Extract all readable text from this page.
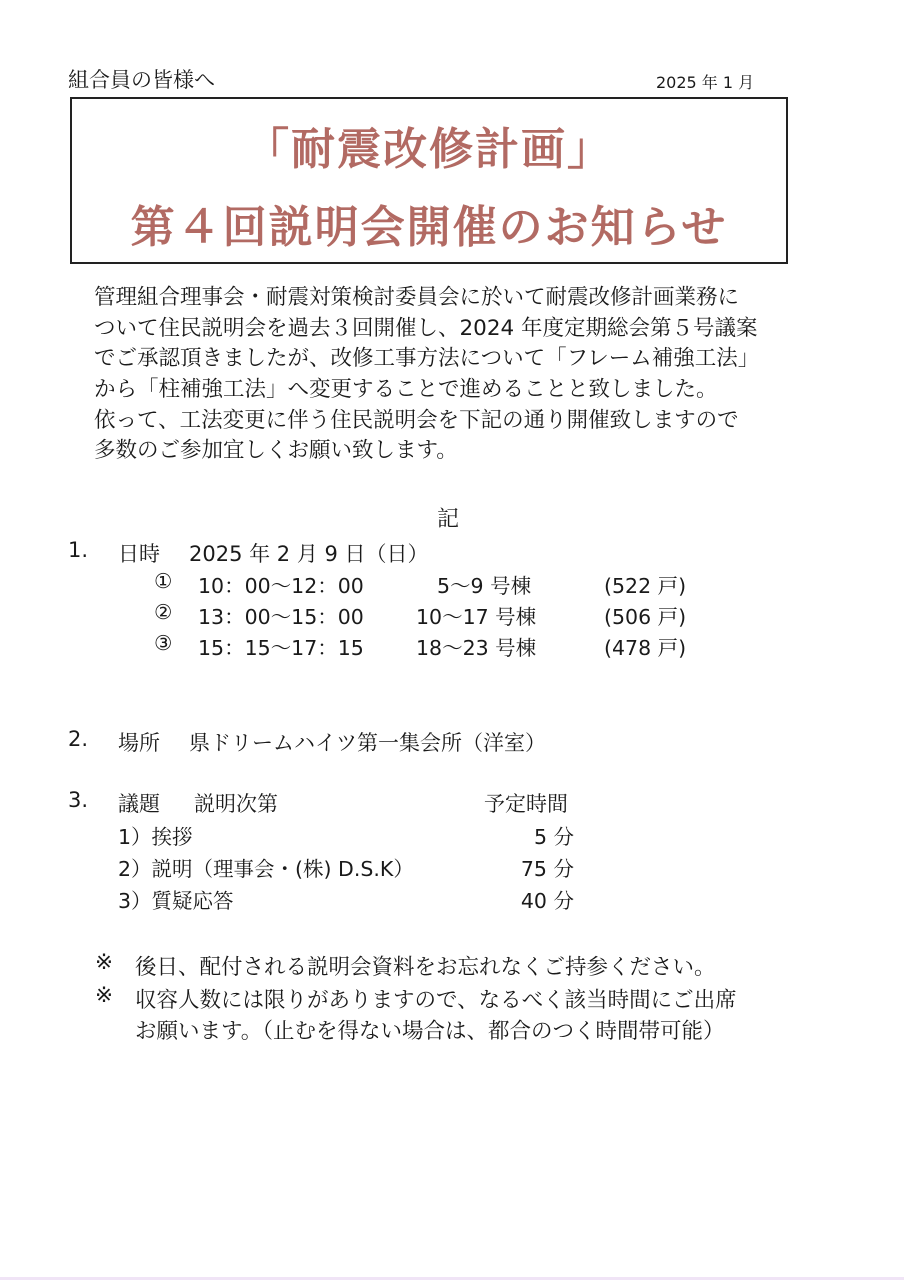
組合員の皆様へ	2025 年 1 月
「耐震改修計画」
第４回説明会開催のお知らせ
管理組合理事会・耐震対策検討委員会に於いて耐震改修計画業務に
ついて住民説明会を過去３回開催し、2024 年度定期総会第５号議案
でご承認頂きましたが、改修工事方法について「フレーム補強工法」
から「柱補強工法」へ変更することで進めることと致しました。
依って、工法変更に伴う住民説明会を下記の通り開催致しますので
多数のご参加宜しくお願い致します。
記
1. 日時 2025 年 2 月 9 日（日）
① 10：00～12：00	5～9 号棟	(522 戸)
② 13：00～15：00	10～17 号棟	(506 戸)
③ 15：15～17：15	18～23 号棟	(478 戸)
2. 場所 県ドリームハイツ第一集会所（洋室）
3. 議題 説明次第	予定時間
1）挨拶	5 分
2）説明（理事会・(株) D.S.K）	75 分
3）質疑応答	40 分
※ 後日、配付される説明会資料をお忘れなくご持参ください。
※ 収容人数には限りがありますので、なるべく該当時間にご出席
お願います。（止むを得ない場合は、都合のつく時間帯可能）
